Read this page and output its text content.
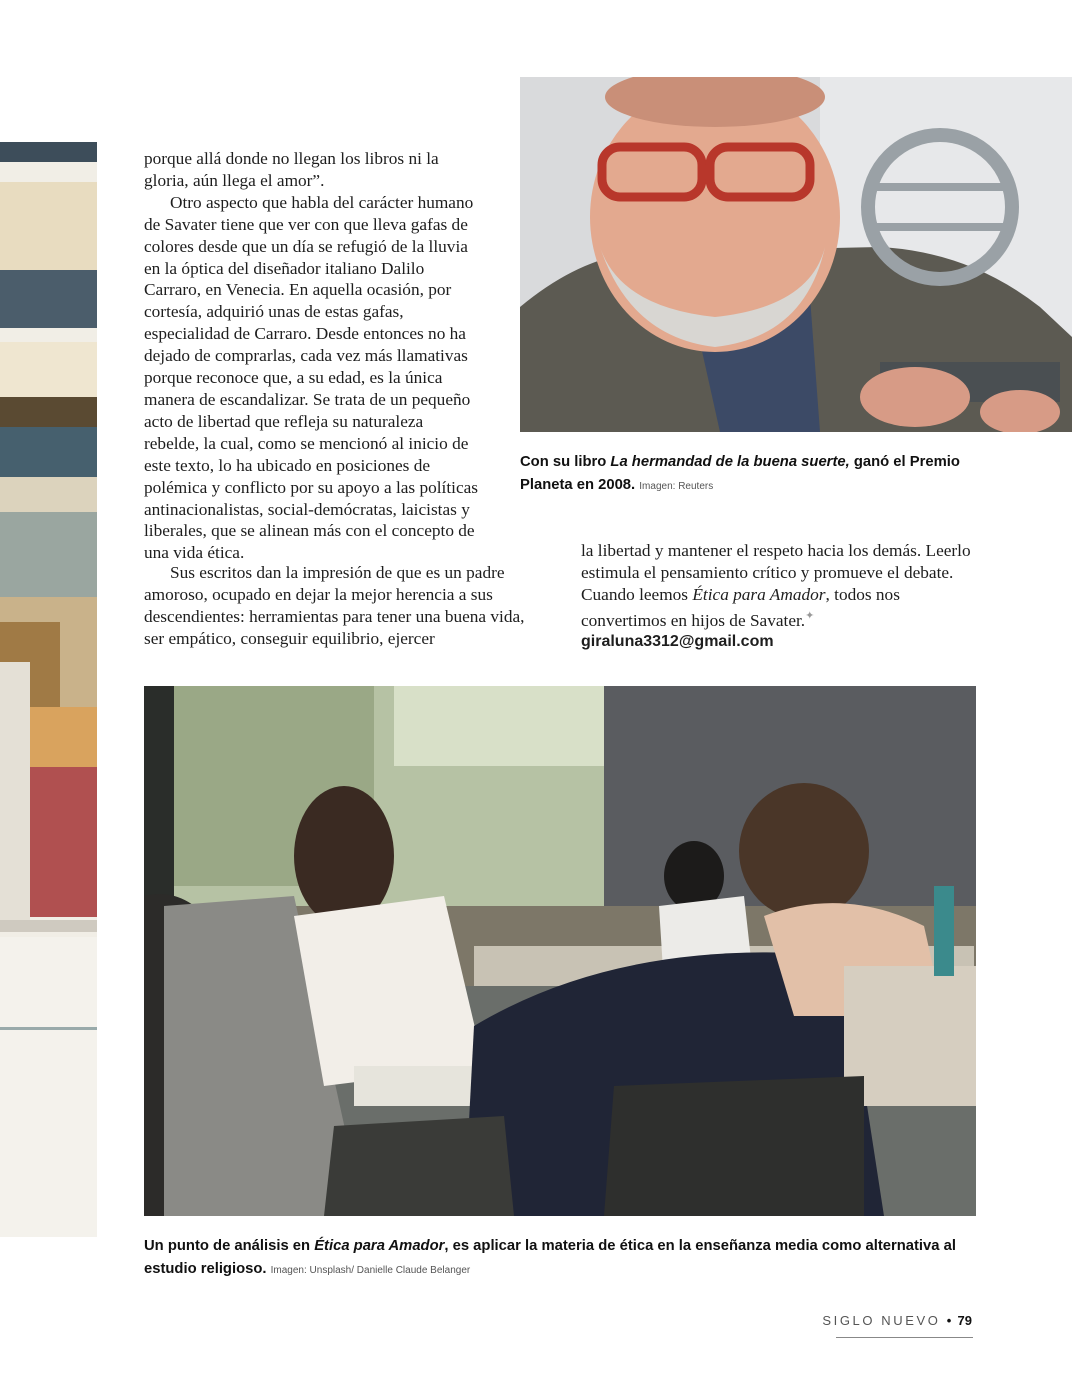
porque allá donde no llegan los libros ni la gloria, aún llega el amor”.

Otro aspecto que habla del carácter humano de Savater tiene que ver con que lleva gafas de colores desde que un día se refugió de la lluvia en la óptica del diseñador italiano Dalilo Carraro, en Venecia. En aquella ocasión, por cortesía, adquirió unas de estas gafas, especialidad de Carraro. Desde entonces no ha dejado de comprarlas, cada vez más llamativas porque reconoce que, a su edad, es la única manera de escandalizar. Se trata de un pequeño acto de libertad que refleja su naturaleza rebelde, la cual, como se mencionó al inicio de este texto, lo ha ubicado en posiciones de polémica y conflicto por su apoyo a las políticas antinacionalistas, social-demócratas, laicistas y liberales, que se alinean más con el concepto de una vida ética.

Sus escritos dan la impresión de que es un padre amoroso, ocupado en dejar la mejor herencia a sus descendientes: herramientas para tener una buena vida, ser empático, conseguir equilibrio, ejercer

Con su libro La hermandad de la buena suerte, ganó el Premio Planeta en 2008. Imagen: Reuters

la libertad y mantener el respeto hacia los demás. Leerlo estimula el pensamiento crítico y promueve el debate. Cuando leemos Ética para Amador, todos nos convertimos en hijos de Savater.✦

giraluna3312@gmail.com

Un punto de análisis en Ética para Amador, es aplicar la materia de ética en la enseñanza media como alternativa al estudio religioso. Imagen: Unsplash/ Danielle Claude Belanger
SIGLO NUEVO • 79
